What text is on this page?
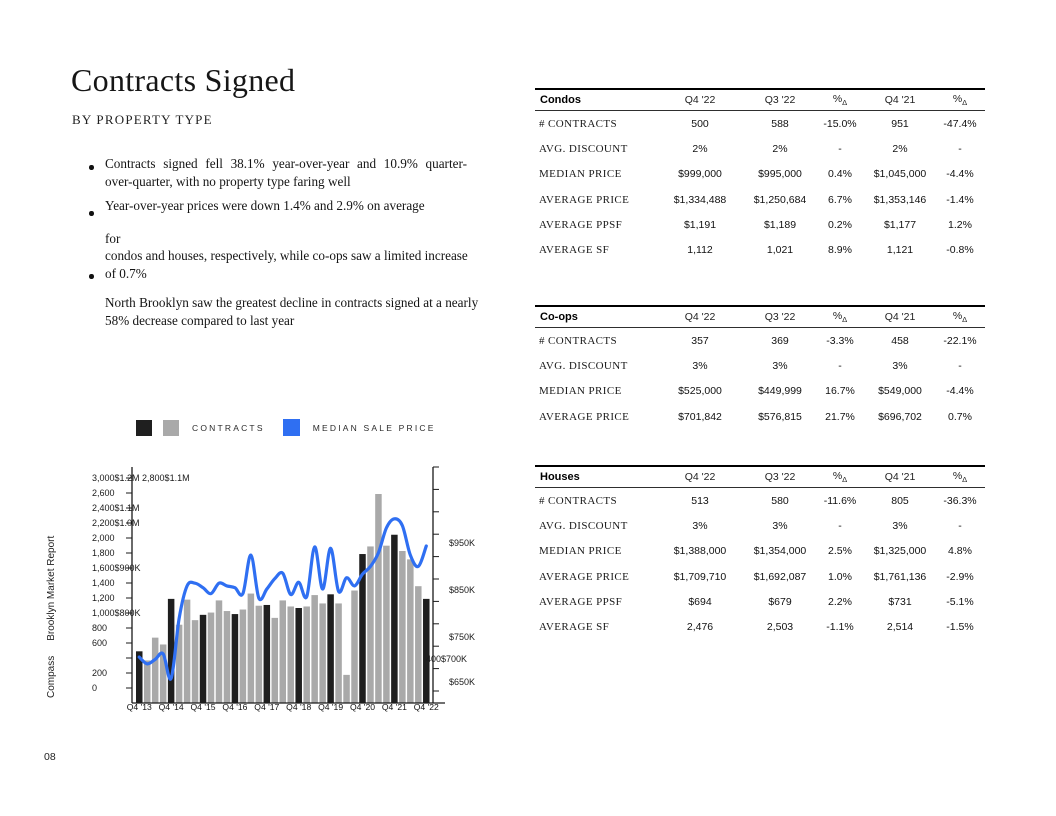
Contracts Signed
BY PROPERTY TYPE
Contracts signed fell 38.1% year-over-year and 10.9% quarter- over-quarter, with no property type faring well
Year-over-year prices were down 1.4% and 2.9% on average
for
condos and houses, respectively, while co-ops saw a limited increase of 0.7%
North Brooklyn saw the greatest decline in contracts signed at a nearly 58% decrease compared to last year
CONTRACTS	MEDIAN SALE PRICE
3,000$1.2M 2,800$1.1M
2,600
2,400$1.1M
2,200$1.0M
2,000
1,800
1,600$900K
1,400
1,200
1,000$800K
800
600
200
0
$950K
$850K
$750K
400$700K
$650K
Q4 '13 Q4 '14 Q4 '15 Q4 '16 Q4 '17 Q4 '18 Q4 '19 Q4 '20 Q4 '21 Q4 '22
CompassBrooklyn Market Report
08
Condos	Q4 '22	Q3 '22	$\%_\Delta$	Q4 '21	$\%_\Delta$
# CONTRACTS	500	588	-15.0%	951	-47.4%
AVG. DISCOUNT	2%	2%	-	2%	-
MEDIAN PRICE	$999,000	$995,000	0.4%	$1,045,000	-4.4%
AVERAGE PRICE	$1,334,488	$1,250,684	6.7%	$1,353,146	-1.4%
AVERAGE PPSF	$1,191	$1,189	0.2%	$1,177	1.2%
AVERAGE SF	1,112	1,021	8.9%	1,121	-0.8%
Co-ops	Q4 '22	Q3 '22	$\%_\Delta$	Q4 '21	$\%_\Delta$
# CONTRACTS	357	369	-3.3%	458	-22.1%
AVG. DISCOUNT	3%	3%	-	3%	-
MEDIAN PRICE	$525,000	$449,999	16.7%	$549,000	-4.4%
AVERAGE PRICE	$701,842	$576,815	21.7%	$696,702	0.7%
Houses	Q4 '22	Q3 '22	$\%_\Delta$	Q4 '21	$\%_\Delta$
# CONTRACTS	513	580	-11.6%	805	-36.3%
AVG. DISCOUNT	3%	3%	-	3%	-
MEDIAN PRICE	$1,388,000	$1,354,000	2.5%	$1,325,000	4.8%
AVERAGE PRICE	$1,709,710	$1,692,087	1.0%	$1,761,136	-2.9%
AVERAGE PPSF	$694	$679	2.2%	$731	-5.1%
AVERAGE SF	2,476	2,503	-1.1%	2,514	-1.5%
